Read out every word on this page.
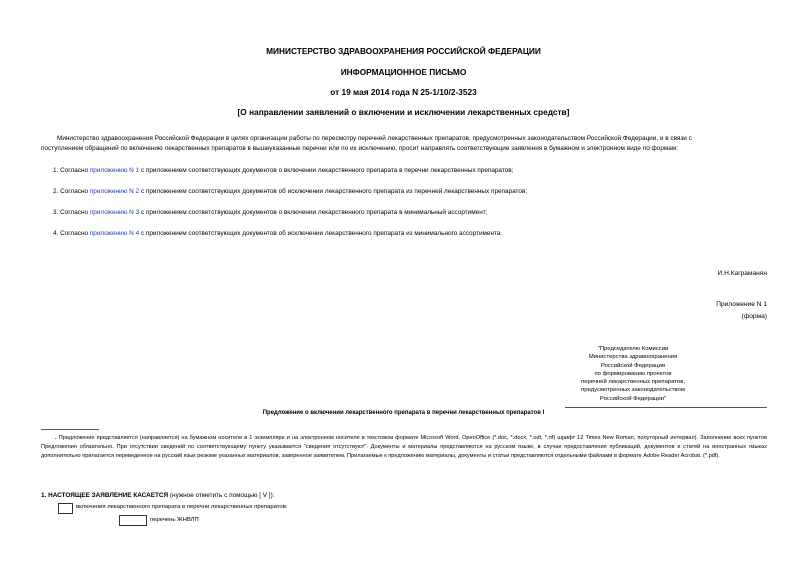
МИНИСТЕРСТВО ЗДРАВООХРАНЕНИЯ РОССИЙСКОЙ ФЕДЕРАЦИИ
ИНФОРМАЦИОННОЕ ПИСЬМО
от 19 мая 2014 года N 25-1/10/2-3523
[О направлении заявлений о включении и исключении лекарственных средств]
Министерство здравоохранения Российской Федерации в целях организации работы по пересмотру перечней лекарственных препаратов, предусмотренных законодательством Российской Федерации, и в связи с
поступлением обращений по включению лекарственных препаратов в вышеуказанные перечни или по их исключению, просит направлять соответствующие заявления в бумажном и электронном виде по формам:
1. Согласно приложению N 1 с приложением соответствующих документов о включении лекарственного препарата в перечни лекарственных препаратов;
2. Согласно приложению N 2 с приложением соответствующих документов об исключении лекарственного препарата из перечней лекарственных препаратов;
3. Согласно приложению N 3 с приложением соответствующих документов о включении лекарственного препарата в минимальный ассортимент;
4. Согласно приложению N 4 с приложением соответствующих документов об исключении лекарственного препарата из минимального ассортимента.
И.Н.Каграманян
Приложение N 1
(форма)
"Председателю Комиссии
Министерства здравоохранения
Российской Федерации
по формированию проектов
перечней лекарственных препаратов,
предусмотренных законодательством
Российской Федерации"
Предложение о включении лекарственного препарата в перечни лекарственных препаратов I
. Предложение представляется (направляется) на бумажном носителе в 1 экземпляре и на электронном носителе в текстовом формате Microsoft Word, OpenOffice (*.doc, *.docx, *.odt, *.rtf) шрифт 12 Times New Roman, полуторный интервал). Заполнение всех пунктов Предложения обязательно. При отсутствии сведений по соответствующему пункту указывается "сведения отсутствуют". Документы и материалы представляются на русском языке, в случае предоставления публикаций, документов и статей на иностранных языках дополнительно прилагается переведенное на русский язык резюме указанных материалов, заверенное заявителем. Прилагаемые к предложению материалы, документы и статьи представляются отдельными файлами в формате Adobe Reader Acrobat. (*.pdf).
1. НАСТОЯЩЕЕ ЗАЯВЛЕНИЕ КАСАЕТСЯ (нужное отметить с помощью [ V ]):
включения лекарственного препарата в перечни лекарственных препаратов:
перечень ЖНВЛП
